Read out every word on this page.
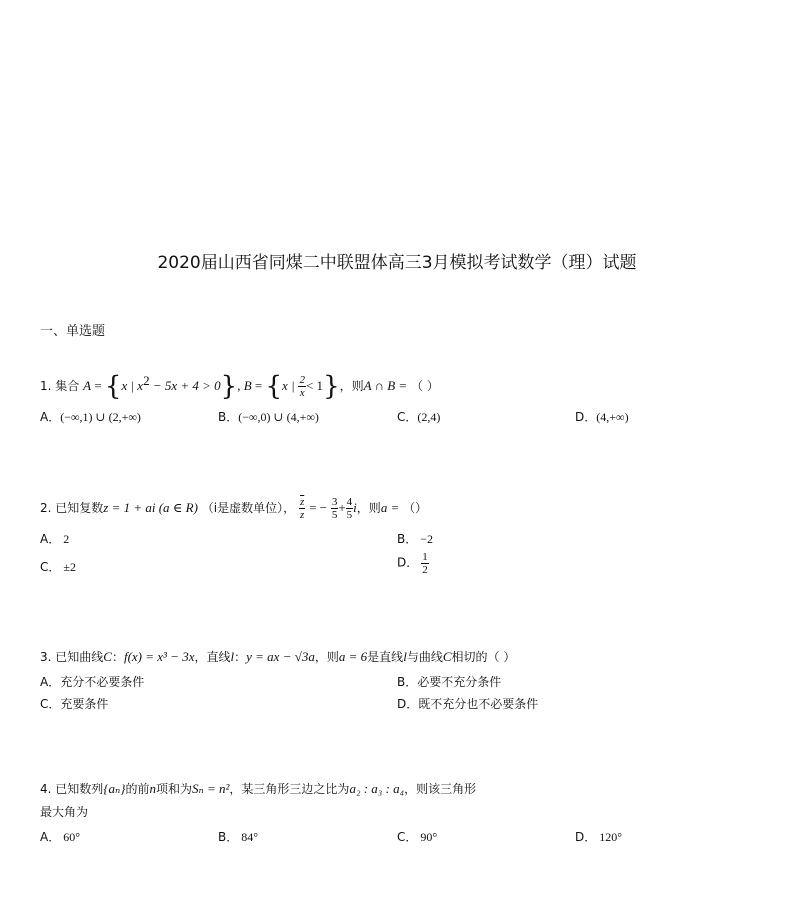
2020届山西省同煤二中联盟体高三3月模拟考试数学（理）试题
一、单选题
1. 集合 A = {x | $x^2 - 5x + 4 > 0$}, B = {x | $\frac{2}{x} < 1$}，则A ∩ B = （ ）
A．(−∞,1) ∪ (2,+∞)	B．(−∞,0) ∪ (4,+∞)	C．(2,4)	D．(4,+∞)
2. 已知复数z = 1 + ai (a ∈ R) （i是虚数单位）， $\frac{\overline{z}}{z}$ = − $\frac{3}{5} + \frac{4}{5}$ i，则a = （）
A． 2	B． −2
C． ±2	D． $\frac{1}{2}$
3. 已知曲线C：f(x) = x³ − 3x，直线l：y = ax − √3a，则a = 6是直线l与曲线C相切的（ ）
A．充分不必要条件	B．必要不充分条件
C．充要条件	D．既不充分也不必要条件
4. 已知数列{aₙ}的前n项和为Sₙ = n²，某三角形三边之比为a₂ : a₃ : a₄，则该三角形
最大角为
A． 60°	B． 84°	C． 90°	D． 120°
